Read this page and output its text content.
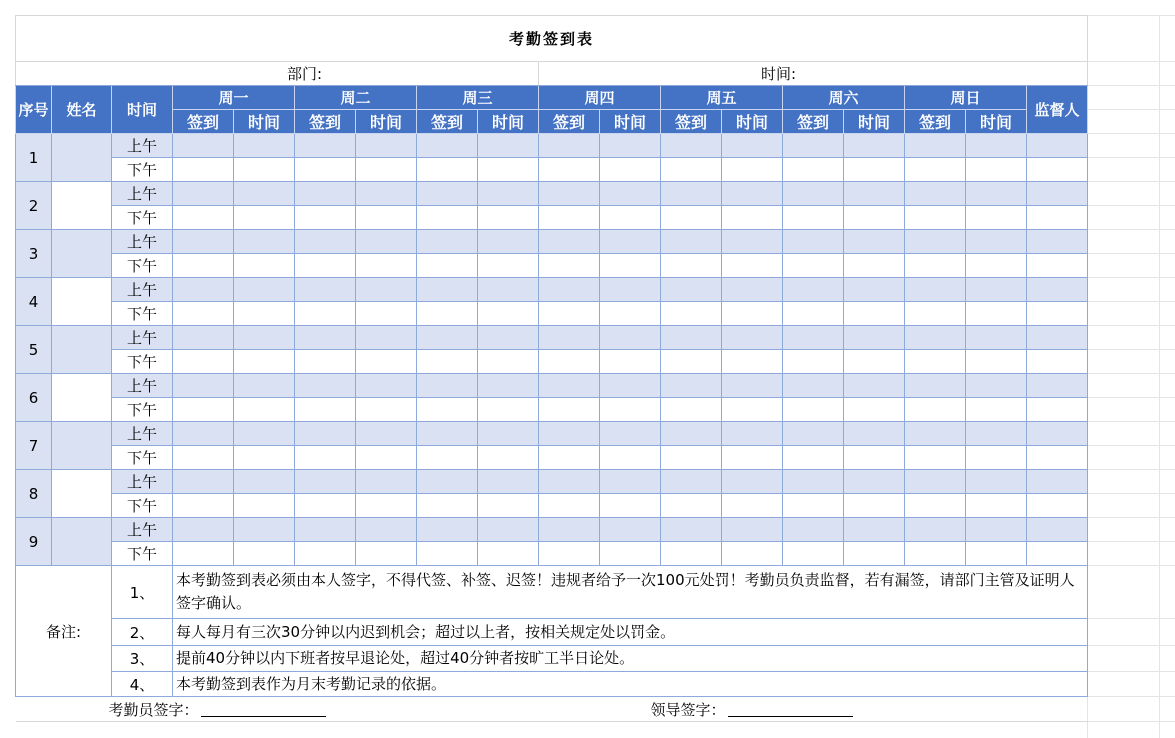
考勤签到表																	
部门:									时间:								
序号	姓名	时间	周一		周二		周三		周四		周五		周六		周日		监督人
			签到	时间	签到	时间	签到	时间	签到	时间	签到	时间	签到	时间	签到	时间	
1		上午															
		下午															
2		上午															
		下午															
3		上午															
		下午															
4		上午															
		下午															
5		上午															
		下午															
6		上午															
		下午															
7		上午															
		下午															
8		上午															
		下午															
9		上午															
		下午															
备注:		1、	本考勤签到表必须由本人签字，不得代签、补签、迟签！违规者给予一次100元处罚！考勤员负责监督，若有漏签，请部门主管及证明人签字确认。														
		2、	每人每月有三次30分钟以内迟到机会；超过以上者，按相关规定处以罚金。														
		3、	提前40分钟以内下班者按早退论处，超过40分钟者按旷工半日论处。														
		4、	本考勤签到表作为月末考勤记录的依据。														
考勤员签字：									领导签字：								
